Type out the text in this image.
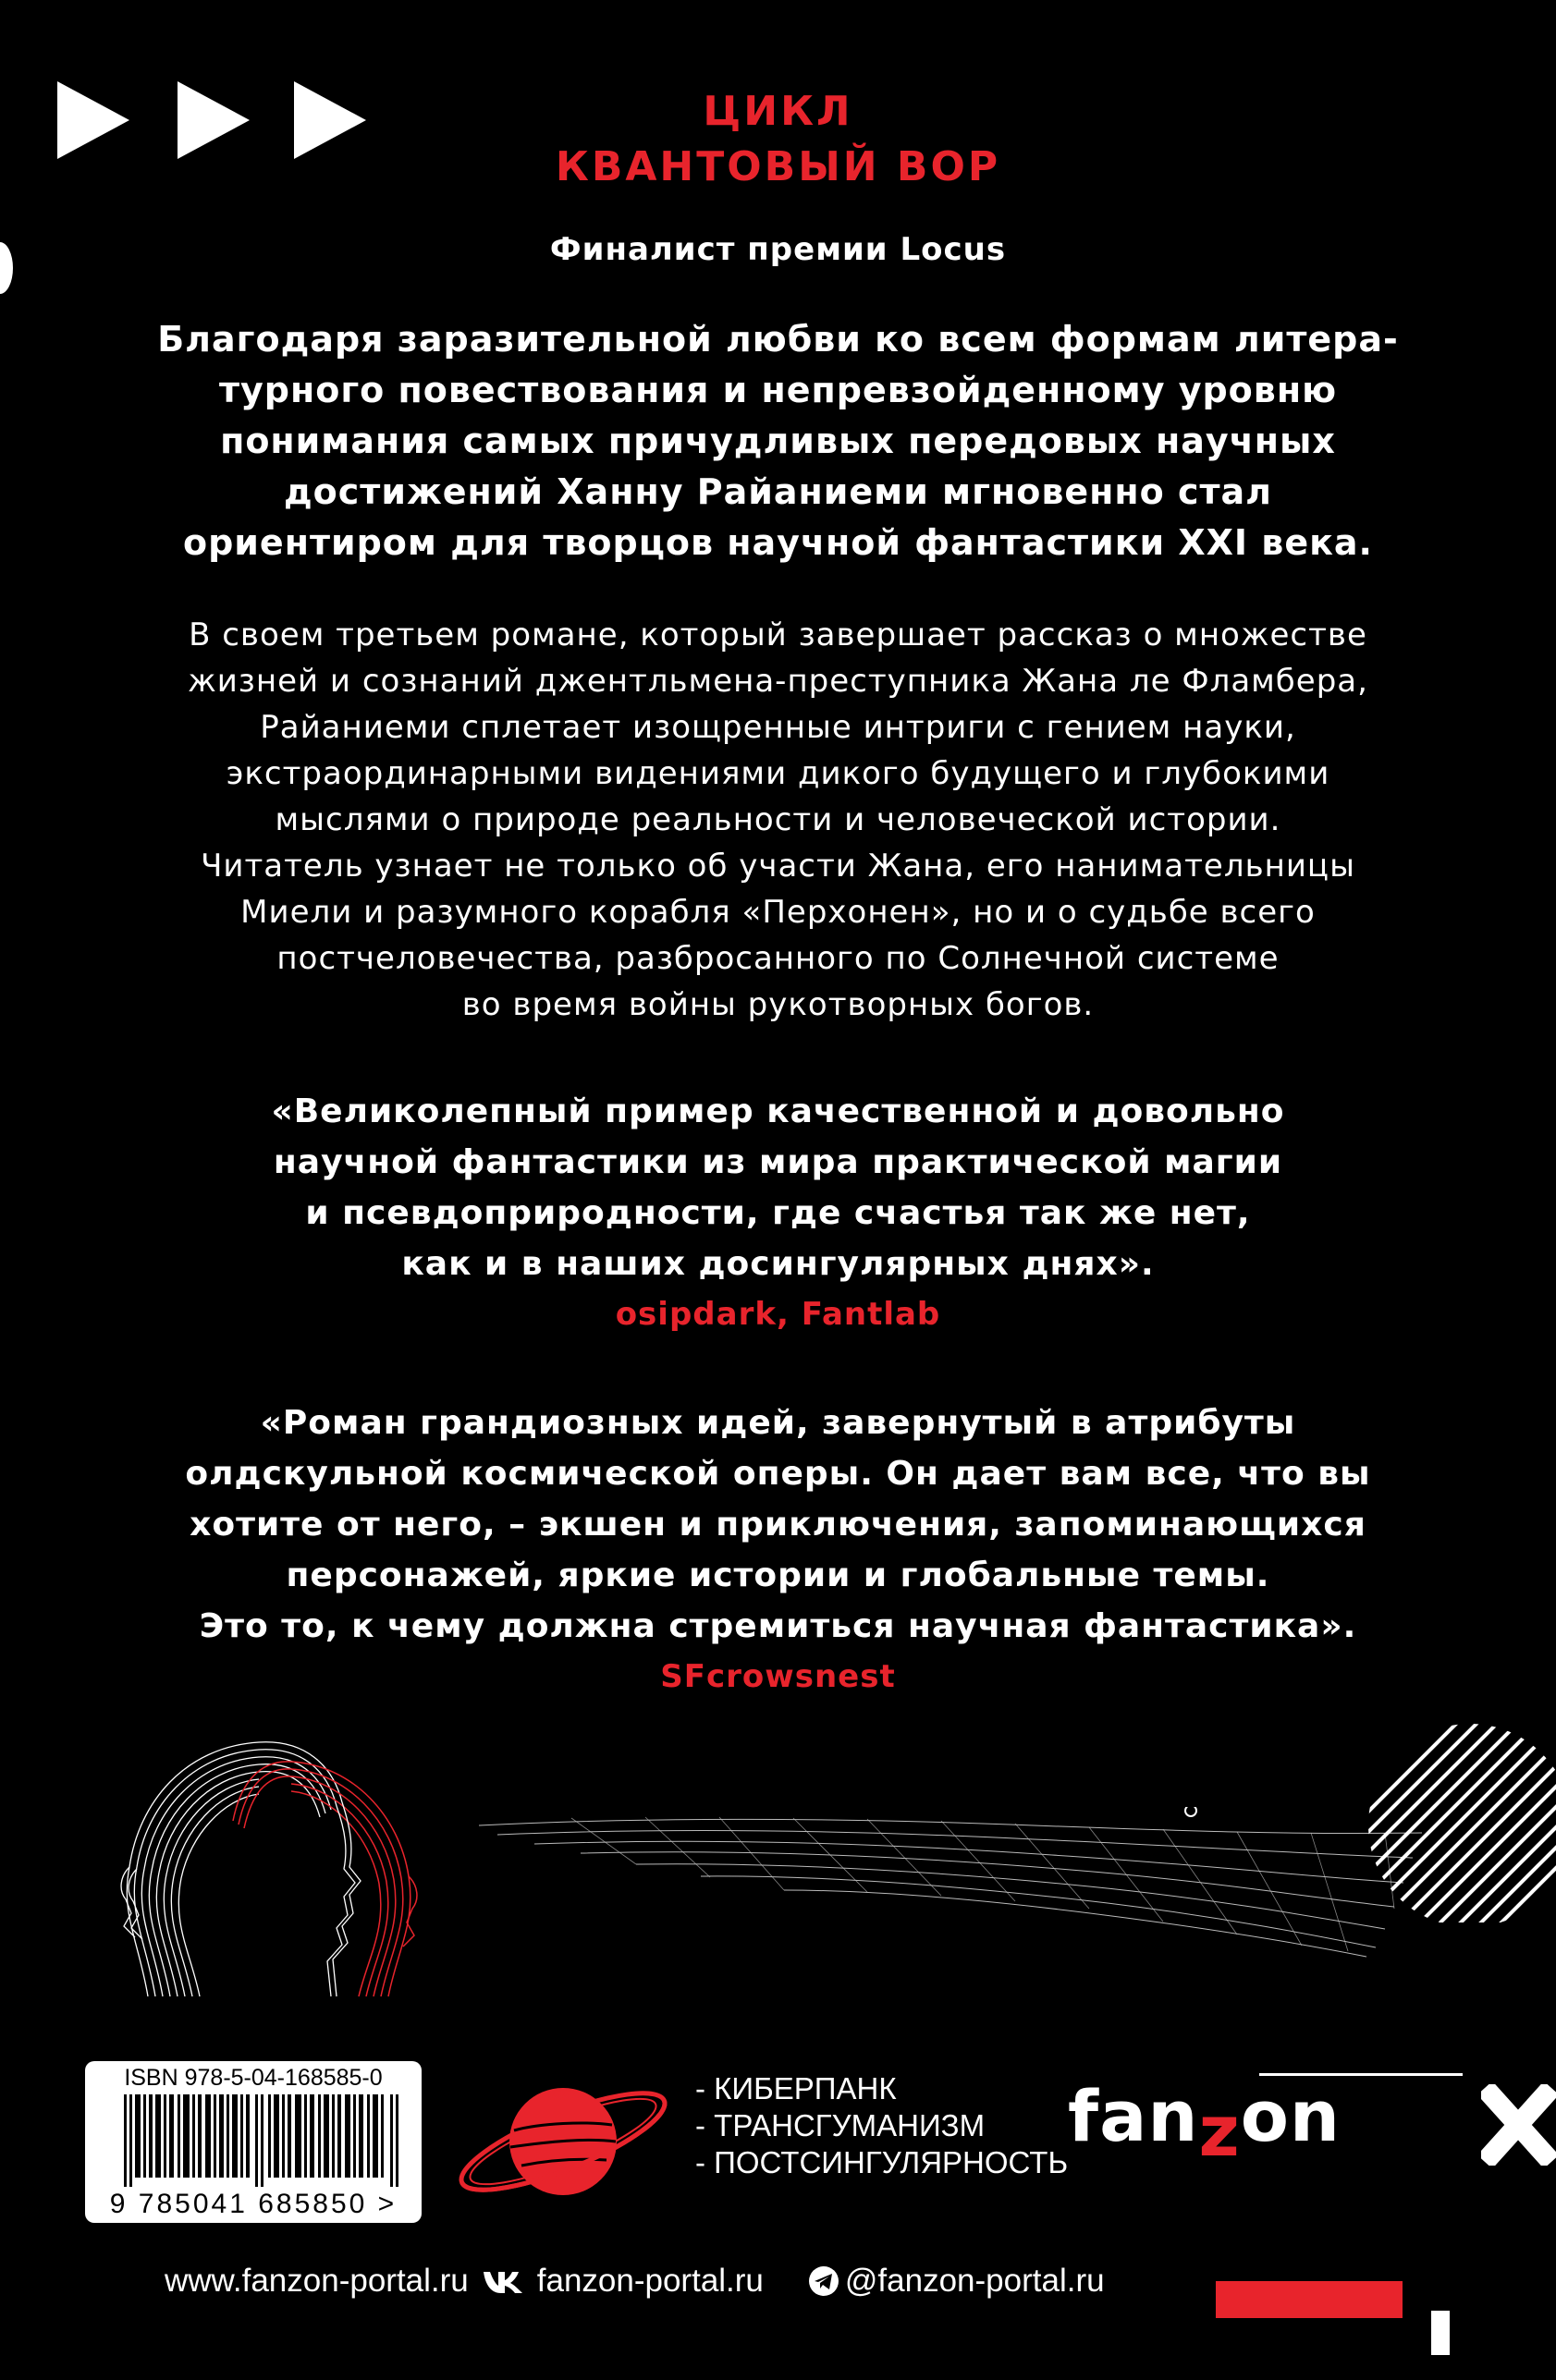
ЦИКЛ
КВАНТОВЫЙ ВОР
Финалист премии Locus
Благодаря заразительной любви ко всем формам литера-
турного повествования и непревзойденному уровню
понимания самых причудливых передовых научных
достижений Ханну Райаниеми мгновенно стал
ориентиром для творцов научной фантастики XXI века.
В своем третьем романе, который завершает рассказ о множестве
жизней и сознаний джентльмена-преступника Жана ле Фламбера,
Райаниеми сплетает изощренные интриги с гением науки,
экстраординарными видениями дикого будущего и глубокими
мыслями о природе реальности и человеческой истории.
Читатель узнает не только об участи Жана, его нанимательницы
Миели и разумного корабля «Перхонен», но и о судьбе всего
постчеловечества, разбросанного по Солнечной системе
во время войны рукотворных богов.
«Великолепный пример качественной и довольно
научной фантастики из мира практической магии
и псевдоприродности, где счастья так же нет,
как и в наших досингулярных днях».
osipdark, Fantlab
«Роман грандиозных идей, завернутый в атрибуты
олдскульной космической оперы. Он дает вам все, что вы
хотите от него, – экшен и приключения, запоминающихся
персонажей, яркие истории и глобальные темы.
Это то, к чему должна стремиться научная фантастика».
SFcrowsnest
ISBN 978-5-04-168585-0
9 785041 685850 >
- КИБЕРПАНК
- ТРАНСГУМАНИЗМ
- ПОСТСИНГУЛЯРНОСТЬ
fanzon
www.fanzon-portal.ru fanzon-portal.ru	@fanzon-portal.ru
